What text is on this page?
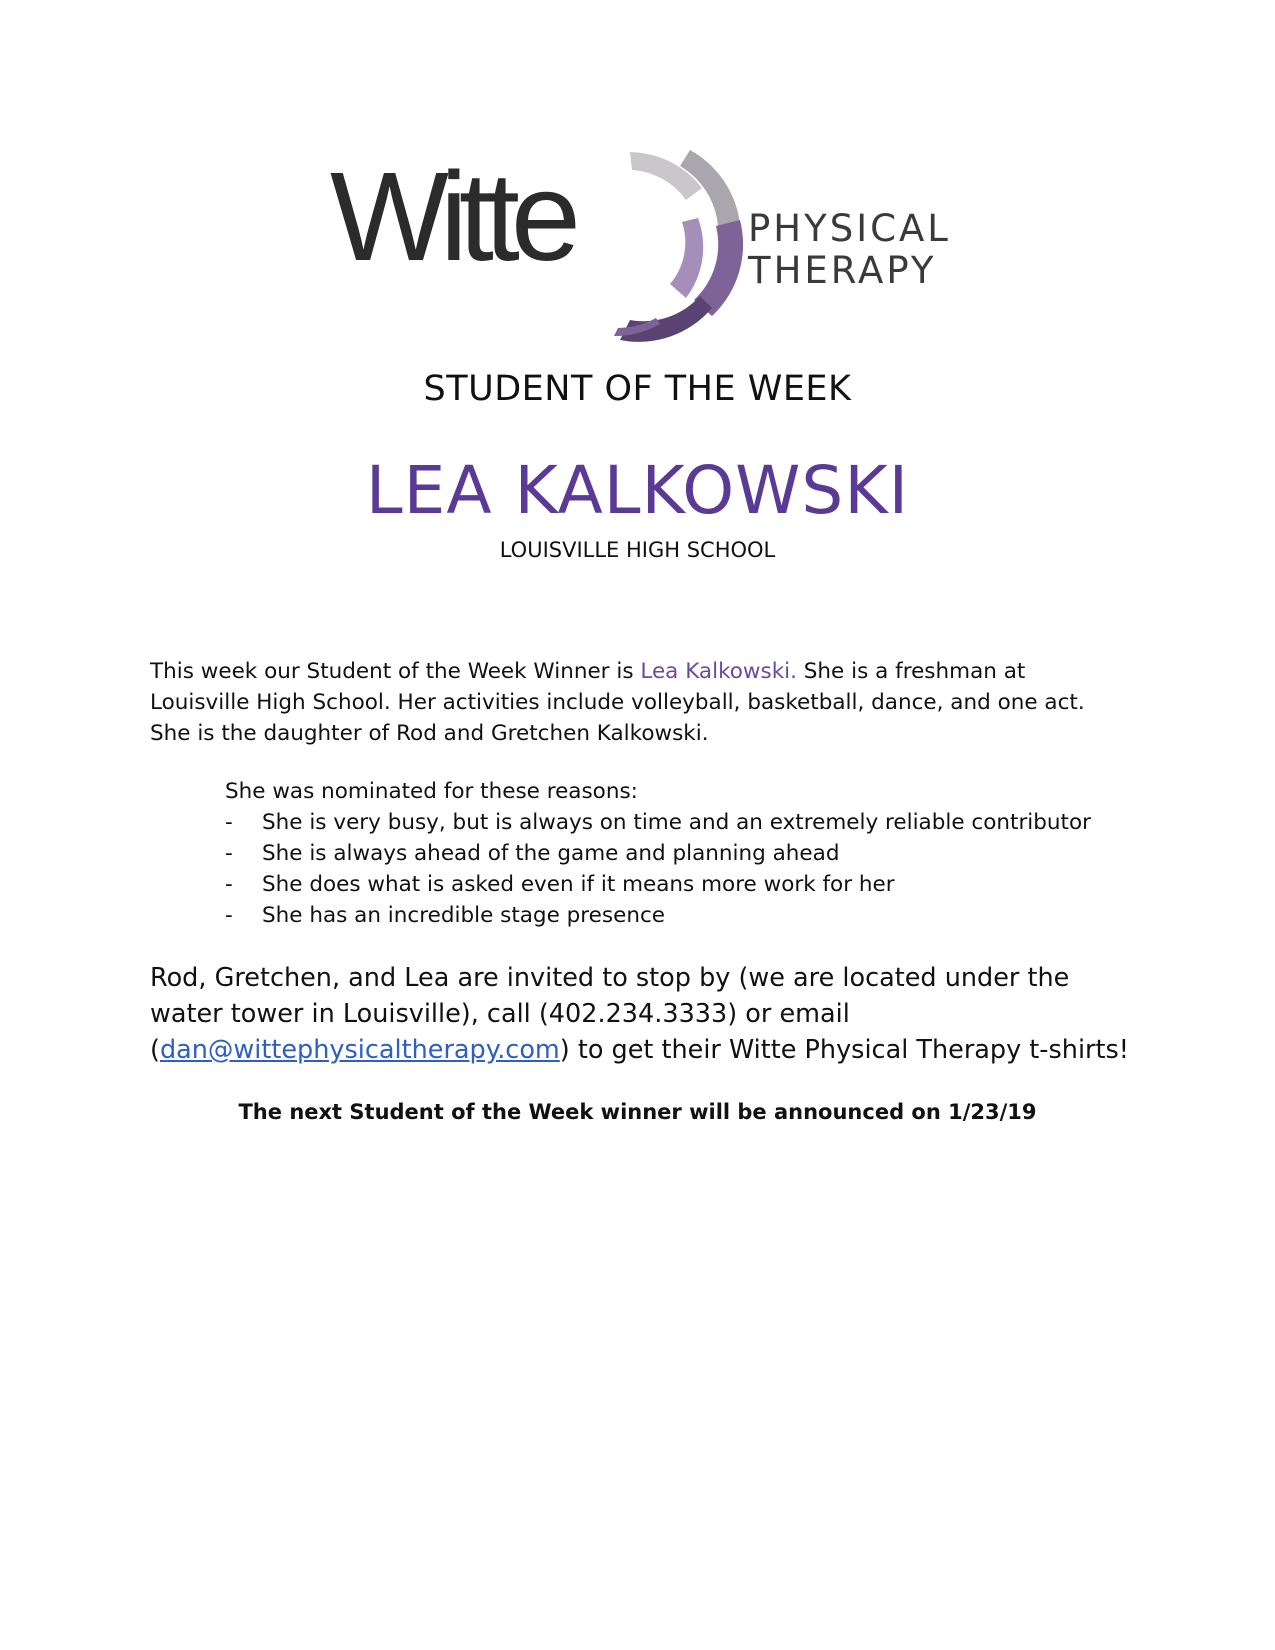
Witte	PHYSICAL
THERAPY
STUDENT OF THE WEEK
LEA KALKOWSKI
LOUISVILLE HIGH SCHOOL
This week our Student of the Week Winner is Lea Kalkowski. She is a freshman at Louisville High School. Her activities include volleyball, basketball, dance, and one act. She is the daughter of Rod and Gretchen Kalkowski.
She was nominated for these reasons:
- She is very busy, but is always on time and an extremely reliable contributor
- She is always ahead of the game and planning ahead
- She does what is asked even if it means more work for her
- She has an incredible stage presence
Rod, Gretchen, and Lea are invited to stop by (we are located under the water tower in Louisville), call (402.234.3333) or email (dan@wittephysicaltherapy.com) to get their Witte Physical Therapy t-shirts!
The next Student of the Week winner will be announced on 1/23/19
